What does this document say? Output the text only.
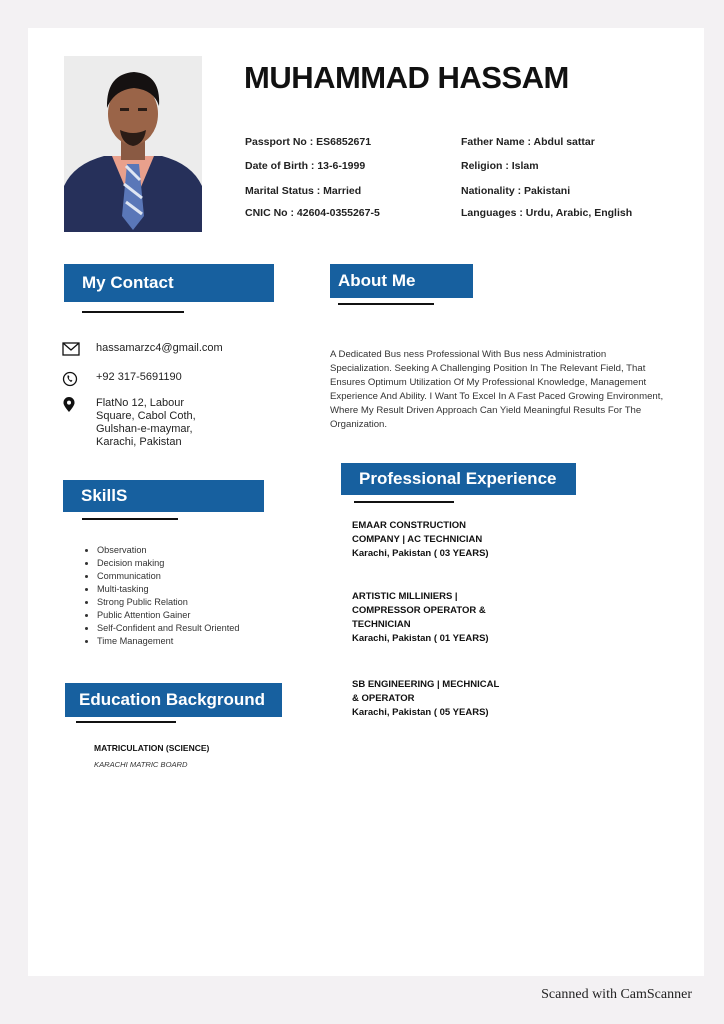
MUHAMMAD HASSAM
Passport No : ES6852671
Date of Birth : 13-6-1999
Marital Status : Married
CNIC No : 42604-0355267-5
Father Name : Abdul sattar
Religion : Islam
Nationality : Pakistani
Languages : Urdu, Arabic, English
My Contact
hassamarzc4@gmail.com
+92 317-5691190
FlatNo 12, Labour
Square, Cabol Coth,
Gulshan-e-maymar,
Karachi, Pakistan
About Me
A Dedicated Bus ness Professional With Bus ness Administration Specialization. Seeking A Challenging Position In The Relevant Field, That Ensures Optimum Utilization Of My Professional Knowledge, Management Experience And Ability. I Want To Excel In A Fast Paced Growing Environment, Where My Result Driven Approach Can Yield Meaningful Results For The Organization.
SkillS
• Observation
• Decision making
• Communication
• Multi-tasking
• Strong Public Relation
• Public Attention Gainer
• Self-Confident and Result Oriented
• Time Management
Professional Experience
EMAAR CONSTRUCTION
COMPANY | AC TECHNICIAN
Karachi, Pakistan ( 03 YEARS)
ARTISTIC MILLINIERS |
COMPRESSOR OPERATOR &
TECHNICIAN
Karachi, Pakistan ( 01 YEARS)
SB ENGINEERING | MECHNICAL
& OPERATOR
Karachi, Pakistan ( 05 YEARS)
Education Background
MATRICULATION (SCIENCE)
KARACHI MATRIC BOARD
Scanned with CamScanner
